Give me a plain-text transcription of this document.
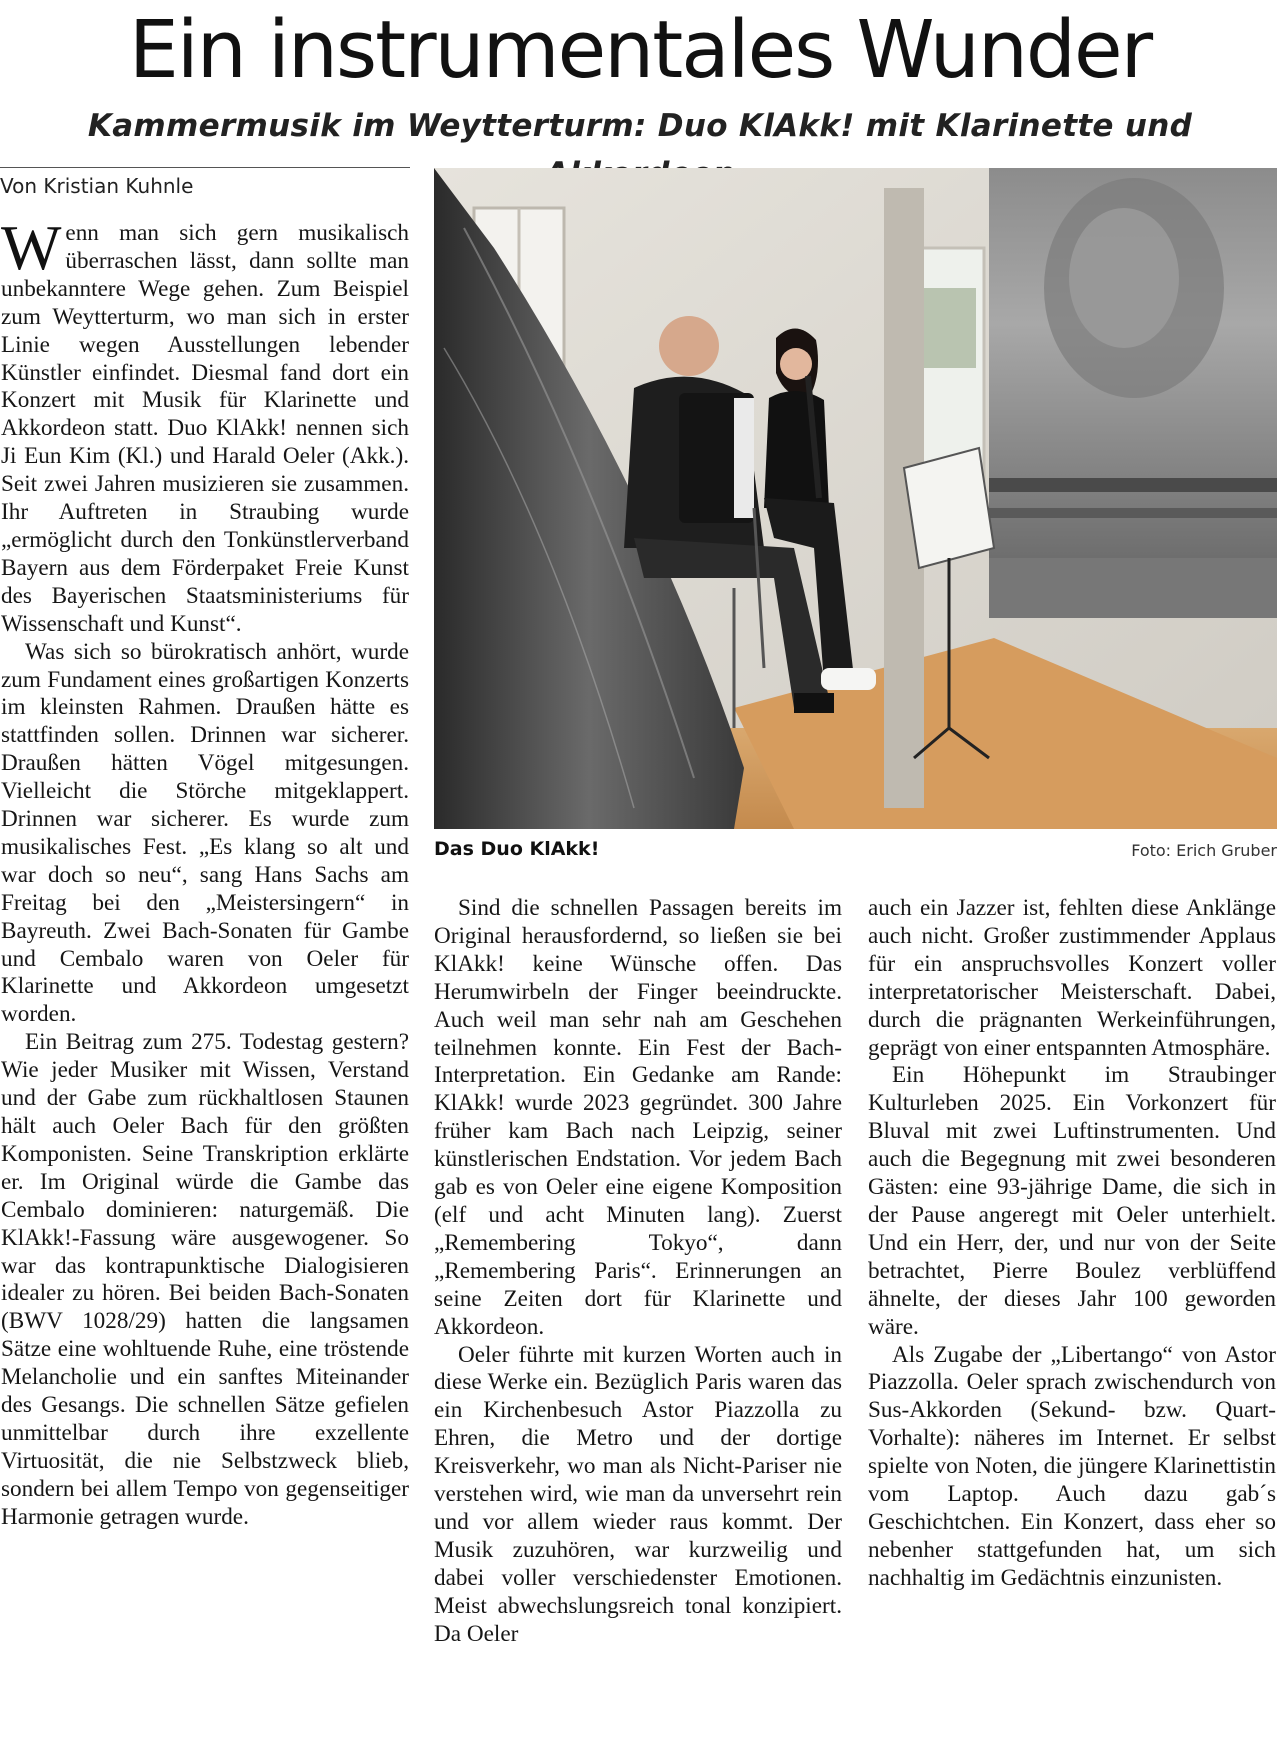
Ein instrumentales Wunder
Kammermusik im Weytterturm: Duo KlAkk! mit Klarinette und
Von Kristian Kuhnle

Wenn man sich gern musikalisch überraschen lässt, dann sollte man unbekanntere Wege gehen. Zum Beispiel zum Weytterturm, wo man sich in erster Linie wegen Ausstellungen lebender Künstler einfindet. Diesmal fand dort ein Konzert mit Musik für Klarinette und Akkordeon statt. Duo KlAkk! nennen sich Ji Eun Kim (Kl.) und Harald Oeler (Akk.). Seit zwei Jahren musizieren sie zusammen. Ihr Auftreten in Straubing wurde „ermöglicht durch den Tonkünstlerverband Bayern aus dem Förderpaket Freie Kunst des Bayerischen Staatsministeriums für Wissenschaft und Kunst“.

Was sich so bürokratisch anhört, wurde zum Fundament eines großartigen Konzerts im kleinsten Rahmen. Draußen hätte es stattfinden sollen. Drinnen war sicherer. Draußen hätten Vögel mitgesungen. Vielleicht die Störche mitgeklappert. Drinnen war sicherer. Es wurde zum musikalisches Fest. „Es klang so alt und war doch so neu“, sang Hans Sachs am Freitag bei den „Meistersingern“ in Bayreuth. Zwei Bach-Sonaten für Gambe und Cembalo waren von Oeler für Klarinette und Akkordeon umgesetzt worden.

Ein Beitrag zum 275. Todestag gestern? Wie jeder Musiker mit Wissen, Verstand und der Gabe zum rückhaltlosen Staunen hält auch Oeler Bach für den größten Komponisten. Seine Transkription erklärte er. Im Original würde die Gambe das Cembalo dominieren: naturgemäß. Die KlAkk!-Fassung wäre ausgewogener. So war das kontrapunktische Dialogisieren idealer zu hören. Bei beiden Bach-Sonaten (BWV 1028/29) hatten die langsamen Sätze eine wohltuende Ruhe, eine tröstende Melancholie und ein sanftes Miteinander des Gesangs. Die schnellen Sätze gefielen unmittelbar durch ihre exzellente Virtuosität, die nie Selbstzweck blieb, sondern bei allem Tempo von gegenseitiger Harmonie getragen wurde.

Das Duo KlAkk!	Foto: Erich Gruber

Sind die schnellen Passagen bereits im Original herausfordernd, so ließen sie bei KlAkk! keine Wünsche offen. Das Herumwirbeln der Finger beeindruckte. Auch weil man sehr nah am Geschehen teilnehmen konnte. Ein Fest der Bach-Interpretation. Ein Gedanke am Rande: KlAkk! wurde 2023 gegründet. 300 Jahre früher kam Bach nach Leipzig, seiner künstlerischen Endstation. Vor jedem Bach gab es von Oeler eine eigene Komposition (elf und acht Minuten lang). Zuerst „Remembering Tokyo“, dann „Remembering Paris“. Erinnerungen an seine Zeiten dort für Klarinette und Akkordeon.

Oeler führte mit kurzen Worten auch in diese Werke ein. Bezüglich Paris waren das ein Kirchenbesuch Astor Piazzolla zu Ehren, die Metro und der dortige Kreisverkehr, wo man als Nicht-Pariser nie verstehen wird, wie man da unversehrt rein und vor allem wieder raus kommt. Der Musik zuzuhören, war kurzweilig und dabei voller verschiedenster Emotionen. Meist abwechslungsreich tonal konzipiert. Da Oeler

auch ein Jazzer ist, fehlten diese Anklänge auch nicht. Großer zustimmender Applaus für ein anspruchsvolles Konzert voller interpretatorischer Meisterschaft. Dabei, durch die prägnanten Werkeinführungen, geprägt von einer entspannten Atmosphäre.

Ein Höhepunkt im Straubinger Kulturleben 2025. Ein Vorkonzert für Bluval mit zwei Luftinstrumenten. Und auch die Begegnung mit zwei besonderen Gästen: eine 93-jährige Dame, die sich in der Pause angeregt mit Oeler unterhielt. Und ein Herr, der, und nur von der Seite betrachtet, Pierre Boulez verblüffend ähnelte, der dieses Jahr 100 geworden wäre.

Als Zugabe der „Libertango“ von Astor Piazzolla. Oeler sprach zwischendurch von Sus-Akkorden (Sekund- bzw. Quart-Vorhalte): näheres im Internet. Er selbst spielte von Noten, die jüngere Klarinettistin vom Laptop. Auch dazu gab´s Geschichtchen. Ein Konzert, dass eher so nebenher stattgefunden hat, um sich nachhaltig im Gedächtnis einzunisten.
